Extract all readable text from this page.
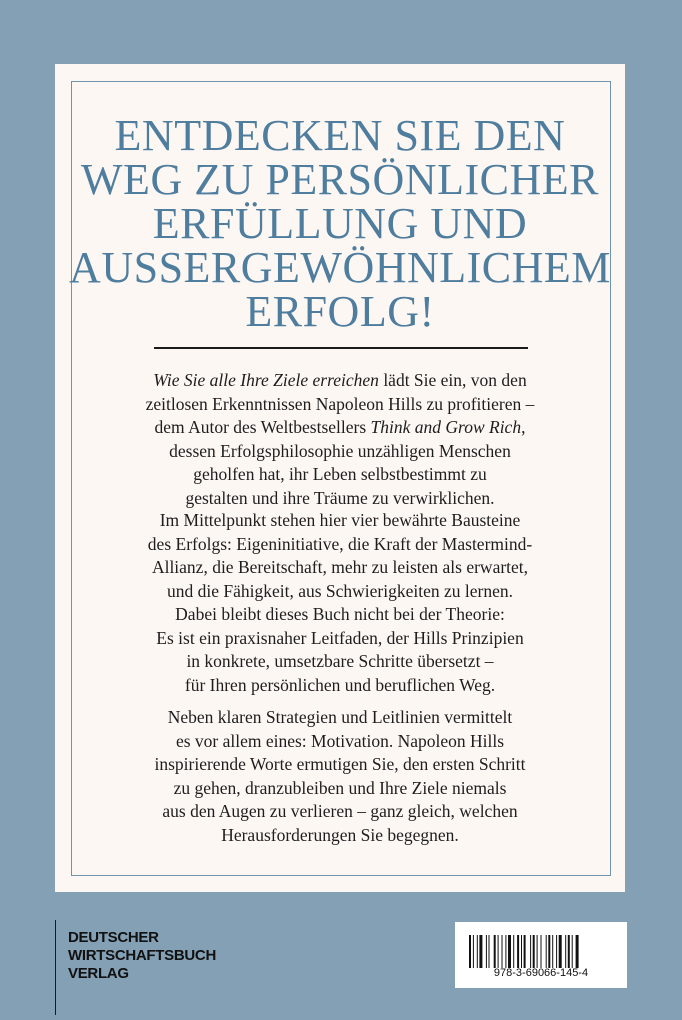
ENTDECKEN SIE DEN
WEG ZU PERSÖNLICHER
ERFÜLLUNG UND
AUSSERGEWÖHNLICHEM
ERFOLG!
Wie Sie alle Ihre Ziele erreichen lädt Sie ein, von den
zeitlosen Erkenntnissen Napoleon Hills zu profitieren –
dem Autor des Weltbestsellers Think and Grow Rich,
dessen Erfolgsphilosophie unzähligen Menschen
geholfen hat, ihr Leben selbstbestimmt zu
gestalten und ihre Träume zu verwirklichen.
Im Mittelpunkt stehen hier vier bewährte Bausteine
des Erfolgs: Eigeninitiative, die Kraft der Mastermind-
Allianz, die Bereitschaft, mehr zu leisten als erwartet,
und die Fähigkeit, aus Schwierigkeiten zu lernen.
Dabei bleibt dieses Buch nicht bei der Theorie:
Es ist ein praxisnaher Leitfaden, der Hills Prinzipien
in konkrete, umsetzbare Schritte übersetzt –
für Ihren persönlichen und beruflichen Weg.
Neben klaren Strategien und Leitlinien vermittelt
es vor allem eines: Motivation. Napoleon Hills
inspirierende Worte ermutigen Sie, den ersten Schritt
zu gehen, dranzubleiben und Ihre Ziele niemals
aus den Augen zu verlieren – ganz gleich, welchen
Herausforderungen Sie begegnen.
DEUTSCHER
WIRTSCHAFTSBUCH
VERLAG	978-3-69066-145-4
